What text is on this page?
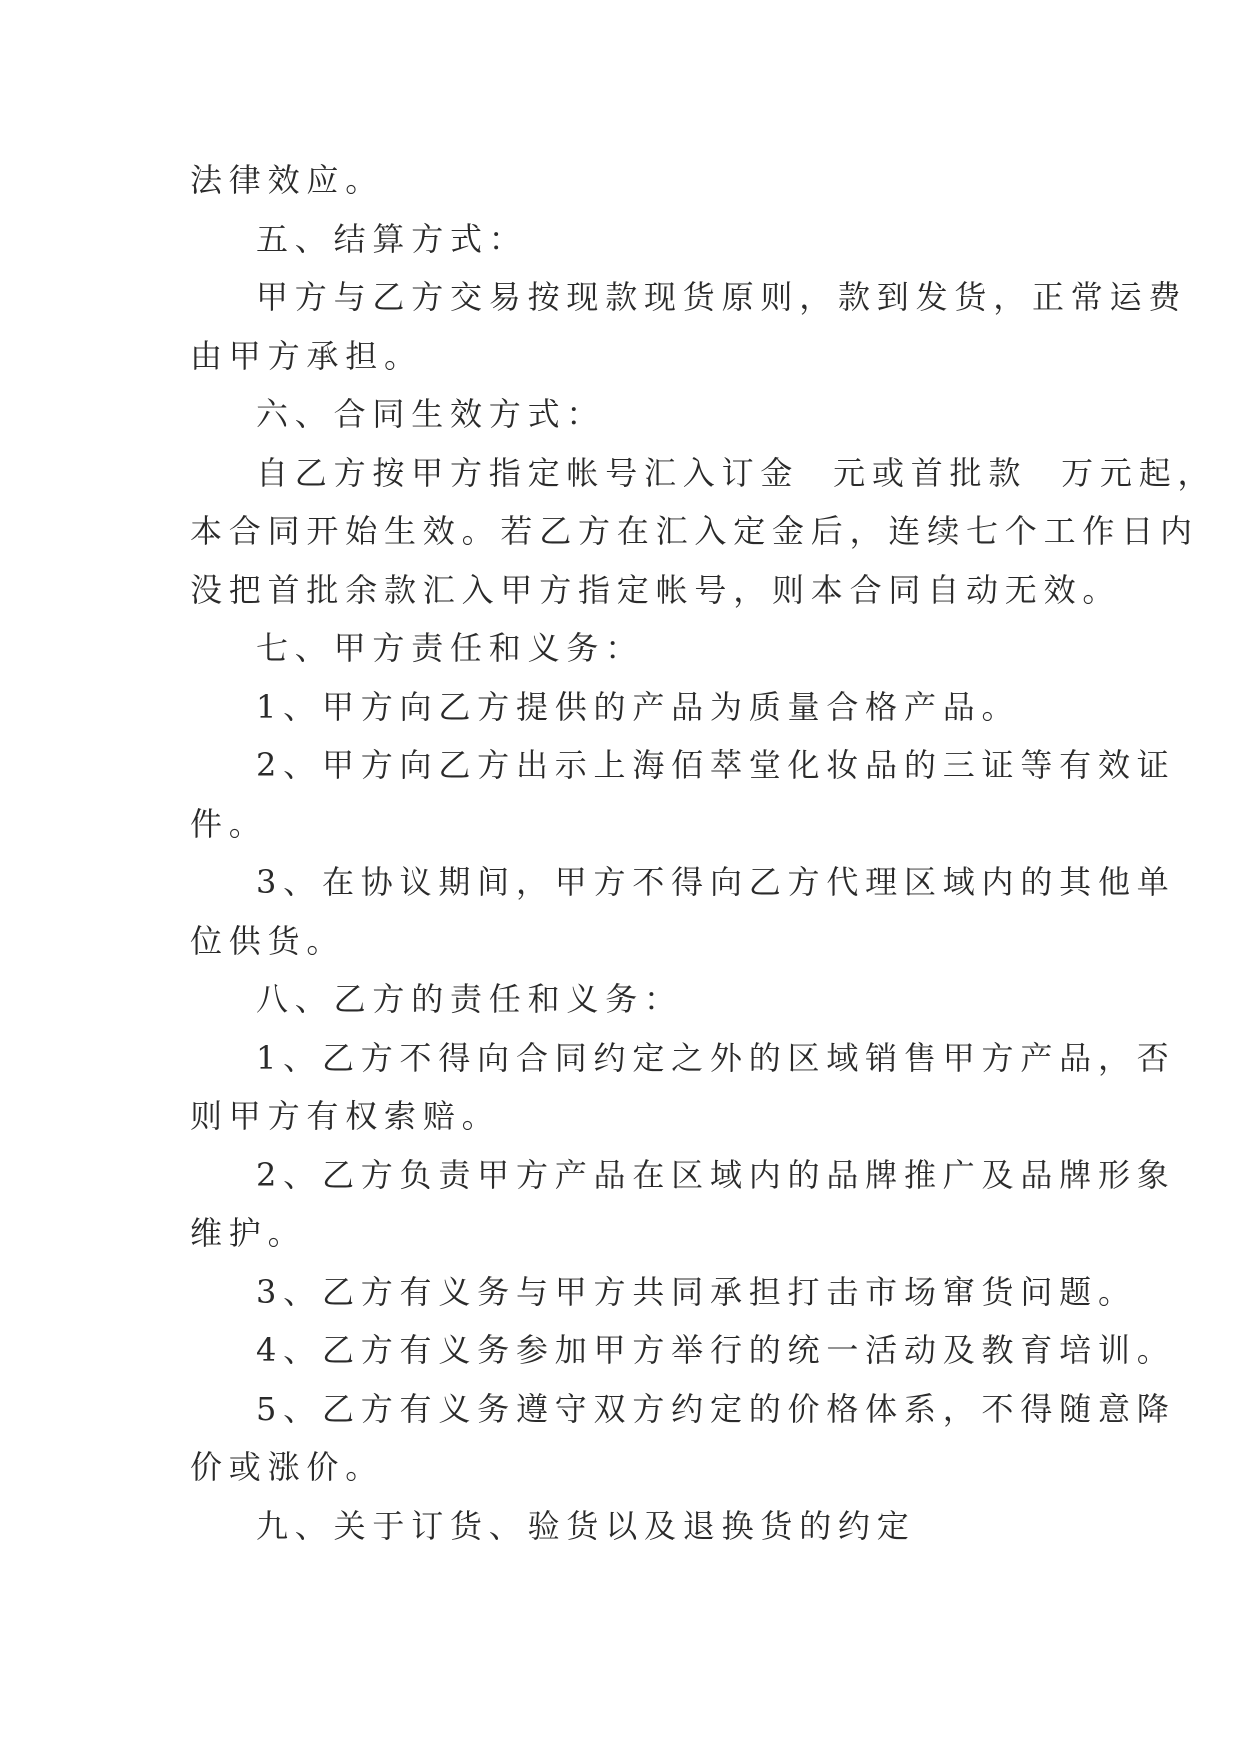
法律效应。
五、结算方式：
甲方与乙方交易按现款现货原则，款到发货，正常运费
由甲方承担。
六、合同生效方式：
自乙方按甲方指定帐号汇入订金  元或首批款  万元起，
本合同开始生效。若乙方在汇入定金后，连续七个工作日内
没把首批余款汇入甲方指定帐号，则本合同自动无效。
七、甲方责任和义务：
1、甲方向乙方提供的产品为质量合格产品。
2、甲方向乙方出示上海佰萃堂化妆品的三证等有效证
件。
3、在协议期间，甲方不得向乙方代理区域内的其他单
位供货。
八、乙方的责任和义务：
1、乙方不得向合同约定之外的区域销售甲方产品，否
则甲方有权索赔。
2、乙方负责甲方产品在区域内的品牌推广及品牌形象
维护。
3、乙方有义务与甲方共同承担打击市场窜货问题。
4、乙方有义务参加甲方举行的统一活动及教育培训。
5、乙方有义务遵守双方约定的价格体系，不得随意降
价或涨价。
九、关于订货、验货以及退换货的约定
